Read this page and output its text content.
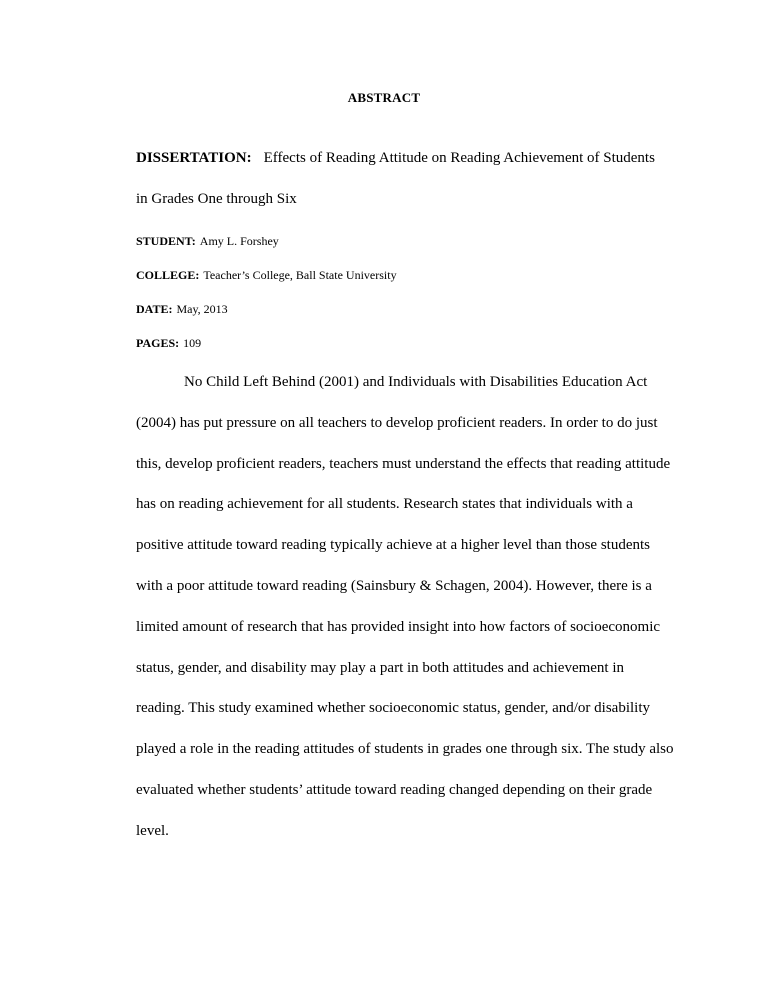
ABSTRACT
DISSERTATION: Effects of Reading Attitude on Reading Achievement of Students
in Grades One through Six
STUDENT: Amy L. Forshey
COLLEGE: Teacher’s College, Ball State University
DATE: May, 2013
PAGES: 109
No Child Left Behind (2001) and Individuals with Disabilities Education Act
(2004) has put pressure on all teachers to develop proficient readers. In order to do just
this, develop proficient readers, teachers must understand the effects that reading attitude
has on reading achievement for all students. Research states that individuals with a
positive attitude toward reading typically achieve at a higher level than those students
with a poor attitude toward reading (Sainsbury & Schagen, 2004). However, there is a
limited amount of research that has provided insight into how factors of socioeconomic
status, gender, and disability may play a part in both attitudes and achievement in
reading. This study examined whether socioeconomic status, gender, and/or disability
played a role in the reading attitudes of students in grades one through six. The study also
evaluated whether students’ attitude toward reading changed depending on their grade
level.
